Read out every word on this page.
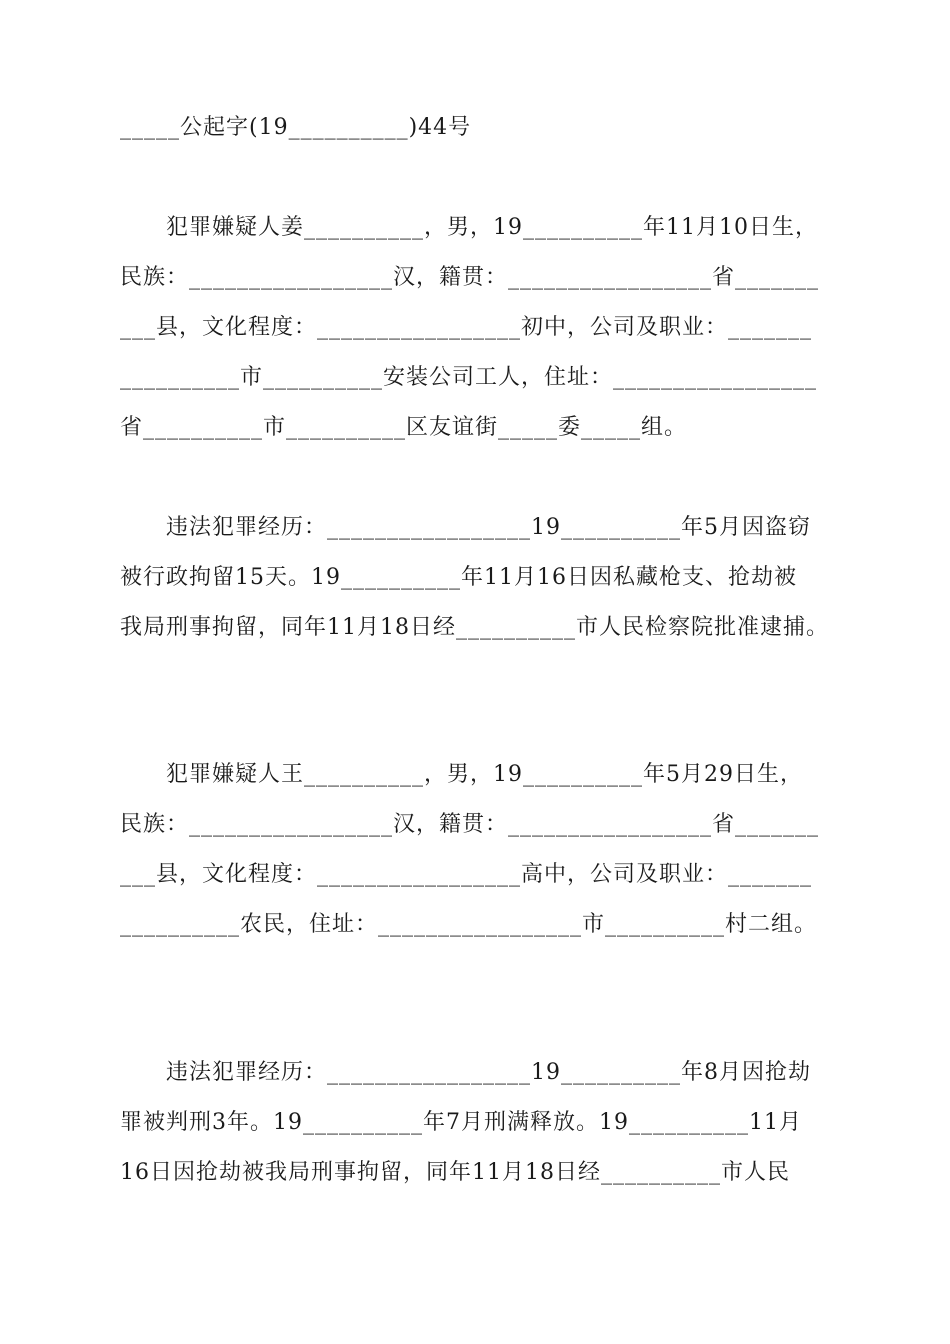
_____公起字(19__________)44号
　　犯罪嫌疑人姜__________，男，19__________年11月10日生，
民族：_________________汉，籍贯：_________________省_______
___县，文化程度：_________________初中，公司及职业：_______
__________市__________安装公司工人，住址：_________________
省__________市__________区友谊街_____委_____组。
　　违法犯罪经历：_________________19__________年5月因盗窃
被行政拘留15天。19__________年11月16日因私藏枪支、抢劫被
我局刑事拘留，同年11月18日经__________市人民检察院批准逮捕。
　　犯罪嫌疑人王__________，男，19__________年5月29日生，
民族：_________________汉，籍贯：_________________省_______
___县，文化程度：_________________高中，公司及职业：_______
__________农民，住址：_________________市__________村二组。
　　违法犯罪经历：_________________19__________年8月因抢劫
罪被判刑3年。19__________年7月刑满释放。19__________11月
16日因抢劫被我局刑事拘留，同年11月18日经__________市人民
